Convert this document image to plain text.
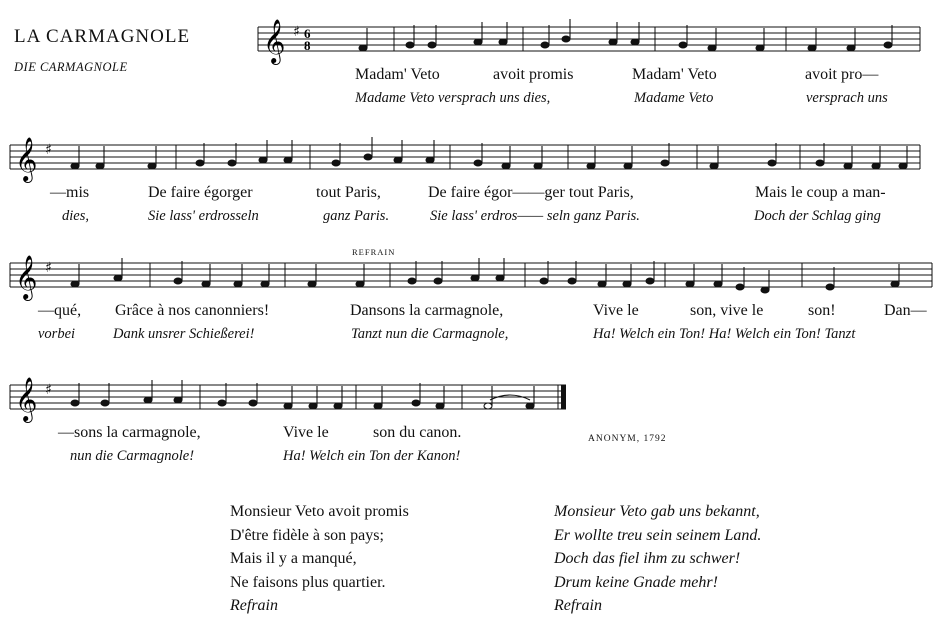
LA CARMAGNOLE
DIE CARMAGNOLE
𝄞 ♯ 6
8
𝄞 ♯
𝄞 ♯
𝄞 ♯
Madam' Veto	avoit promis	Madam' Veto	avoit pro—
Madame Veto versprach uns dies,	Madame Veto	versprach uns
—mis	De faire égorger	tout Paris,	De faire égor——ger tout Paris,	Mais le coup a man-
dies,	Sie lass' erdrosseln	ganz Paris.	Sie lass' erdros—— seln ganz Paris.	Doch der Schlag ging
REFRAIN
—qué, Grâce à nos canonniers!	Dansons la carmagnole,	Vive le	son, vive le	son!	Dan—
vorbei	Dank unsrer Schießerei!	Tanzt nun die Carmagnole,	Ha! Welch ein Ton! Ha! Welch ein Ton! Tanzt
—sons la carmagnole,	Vive le	son du canon.
nun die Carmagnole!	Ha! Welch ein Ton der Kanon!
ANONYM, 1792
Monsieur Veto avoit promis
D'être fidèle à son pays;
Mais il y a manqué,
Ne faisons plus quartier.
Refrain
Monsieur Veto gab uns bekannt,
Er wollte treu sein seinem Land.
Doch das fiel ihm zu schwer!
Drum keine Gnade mehr!
Refrain
